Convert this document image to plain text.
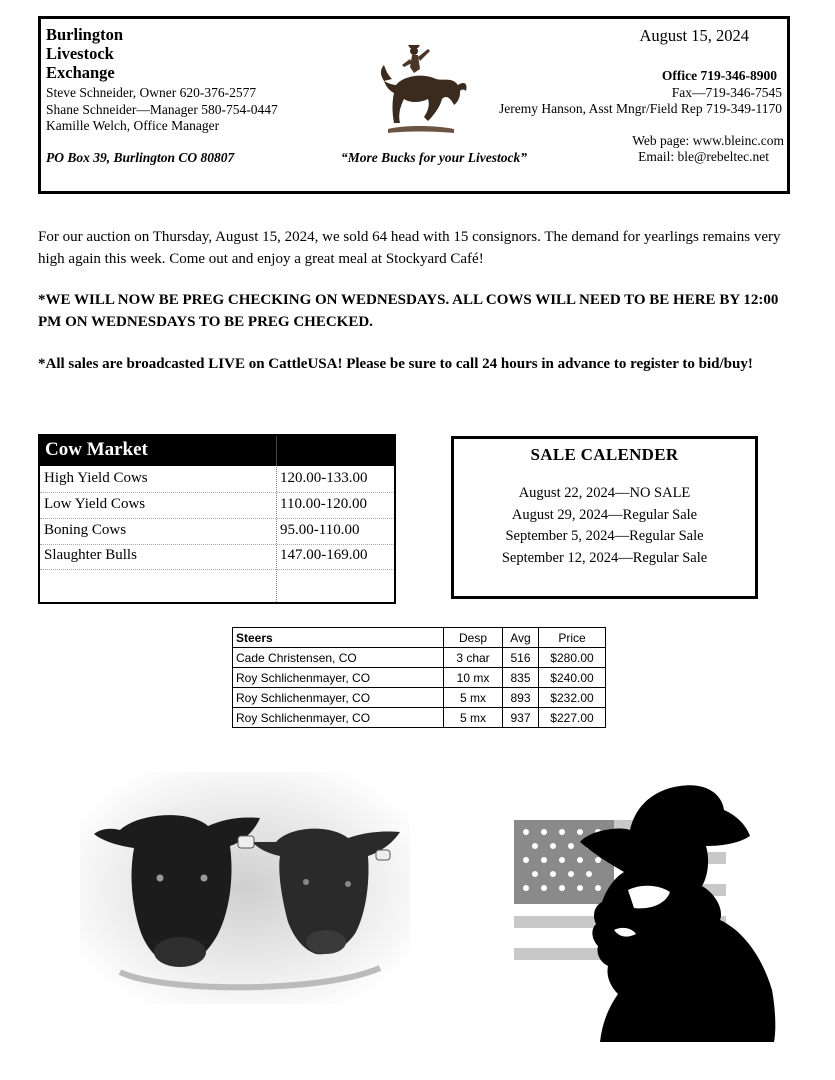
Burlington
Livestock
Exchange
Steve Schneider, Owner 620-376-2577
Shane Schneider—Manager 580-754-0447
Kamille Welch, Office Manager
PO Box 39, Burlington CO 80807	“More Bucks for your Livestock”
August 15, 2024
Office 719-346-8900
Fax—719-346-7545
Jeremy Hanson, Asst Mngr/Field Rep 719-349-1170
Web page: www.bleinc.com
Email: ble@rebeltec.net
For our auction on Thursday, August 15, 2024, we sold 64 head with 15 consignors. The demand for yearlings remains very high again this week. Come out and enjoy a great meal at Stockyard Café!
*WE WILL NOW BE PREG CHECKING ON WEDNESDAYS. ALL COWS WILL NEED TO BE HERE BY 12:00 PM ON WEDNESDAYS TO BE PREG CHECKED.
*All sales are broadcasted LIVE on CattleUSA! Please be sure to call 24 hours in advance to register to bid/buy!
Cow Market
High Yield Cows	120.00-133.00
Low Yield Cows	110.00-120.00
Boning Cows	95.00-110.00
Slaughter Bulls	147.00-169.00
SALE CALENDER
August 22, 2024—NO SALE
August 29, 2024—Regular Sale
September 5, 2024—Regular Sale
September 12, 2024—Regular Sale
Steers	Desp	Avg	Price
Cade Christensen, CO	3 char	516	$280.00
Roy Schlichenmayer, CO	10 mx	835	$240.00
Roy Schlichenmayer, CO	5 mx	893	$232.00
Roy Schlichenmayer, CO	5 mx	937	$227.00
